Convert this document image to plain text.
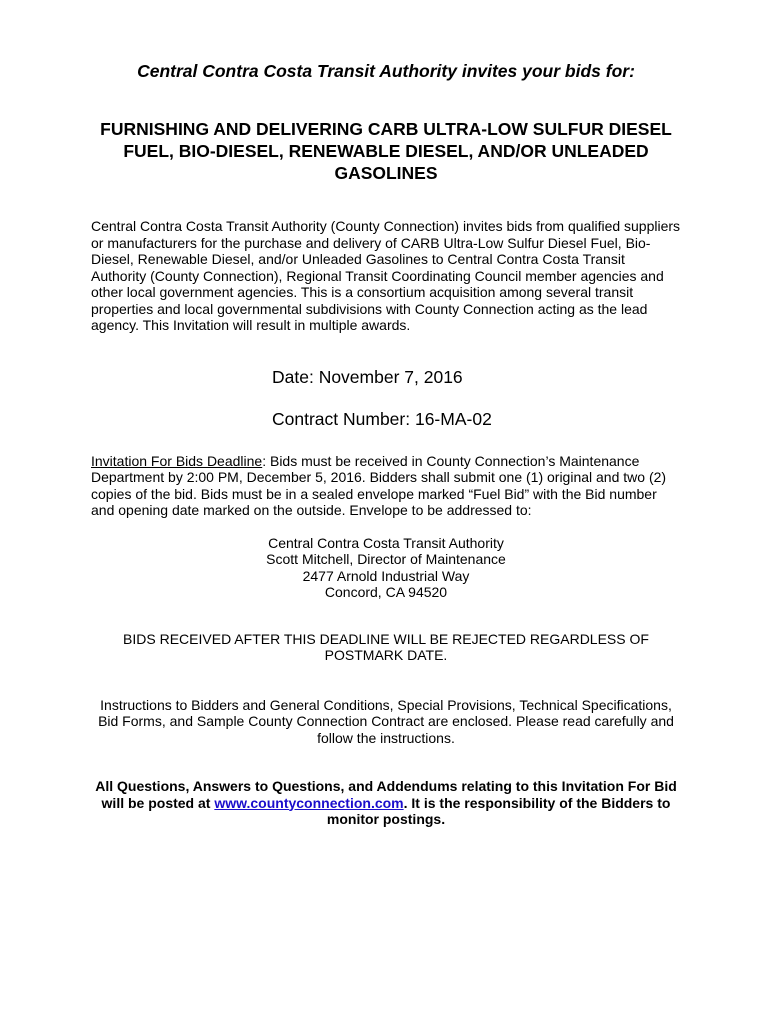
Central Contra Costa Transit Authority invites your bids for:

FURNISHING AND DELIVERING CARB ULTRA-LOW SULFUR DIESEL FUEL, BIO-DIESEL, RENEWABLE DIESEL, AND/OR UNLEADED GASOLINES

Central Contra Costa Transit Authority (County Connection) invites bids from qualified suppliers or manufacturers for the purchase and delivery of CARB Ultra-Low Sulfur Diesel Fuel, Bio-Diesel, Renewable Diesel, and/or Unleaded Gasolines to Central Contra Costa Transit Authority (County Connection), Regional Transit Coordinating Council member agencies and other local government agencies. This is a consortium acquisition among several transit properties and local governmental subdivisions with County Connection acting as the lead agency. This Invitation will result in multiple awards.

Date: November 7, 2016

Contract Number: 16-MA-02

Invitation For Bids Deadline: Bids must be received in County Connection’s Maintenance Department by 2:00 PM, December 5, 2016. Bidders shall submit one (1) original and two (2) copies of the bid. Bids must be in a sealed envelope marked “Fuel Bid” with the Bid number and opening date marked on the outside. Envelope to be addressed to:

Central Contra Costa Transit Authority
Scott Mitchell, Director of Maintenance
2477 Arnold Industrial Way
Concord, CA 94520

BIDS RECEIVED AFTER THIS DEADLINE WILL BE REJECTED REGARDLESS OF POSTMARK DATE.

Instructions to Bidders and General Conditions, Special Provisions, Technical Specifications, Bid Forms, and Sample County Connection Contract are enclosed. Please read carefully and follow the instructions.

All Questions, Answers to Questions, and Addendums relating to this Invitation For Bid will be posted at www.countyconnection.com. It is the responsibility of the Bidders to monitor postings.
